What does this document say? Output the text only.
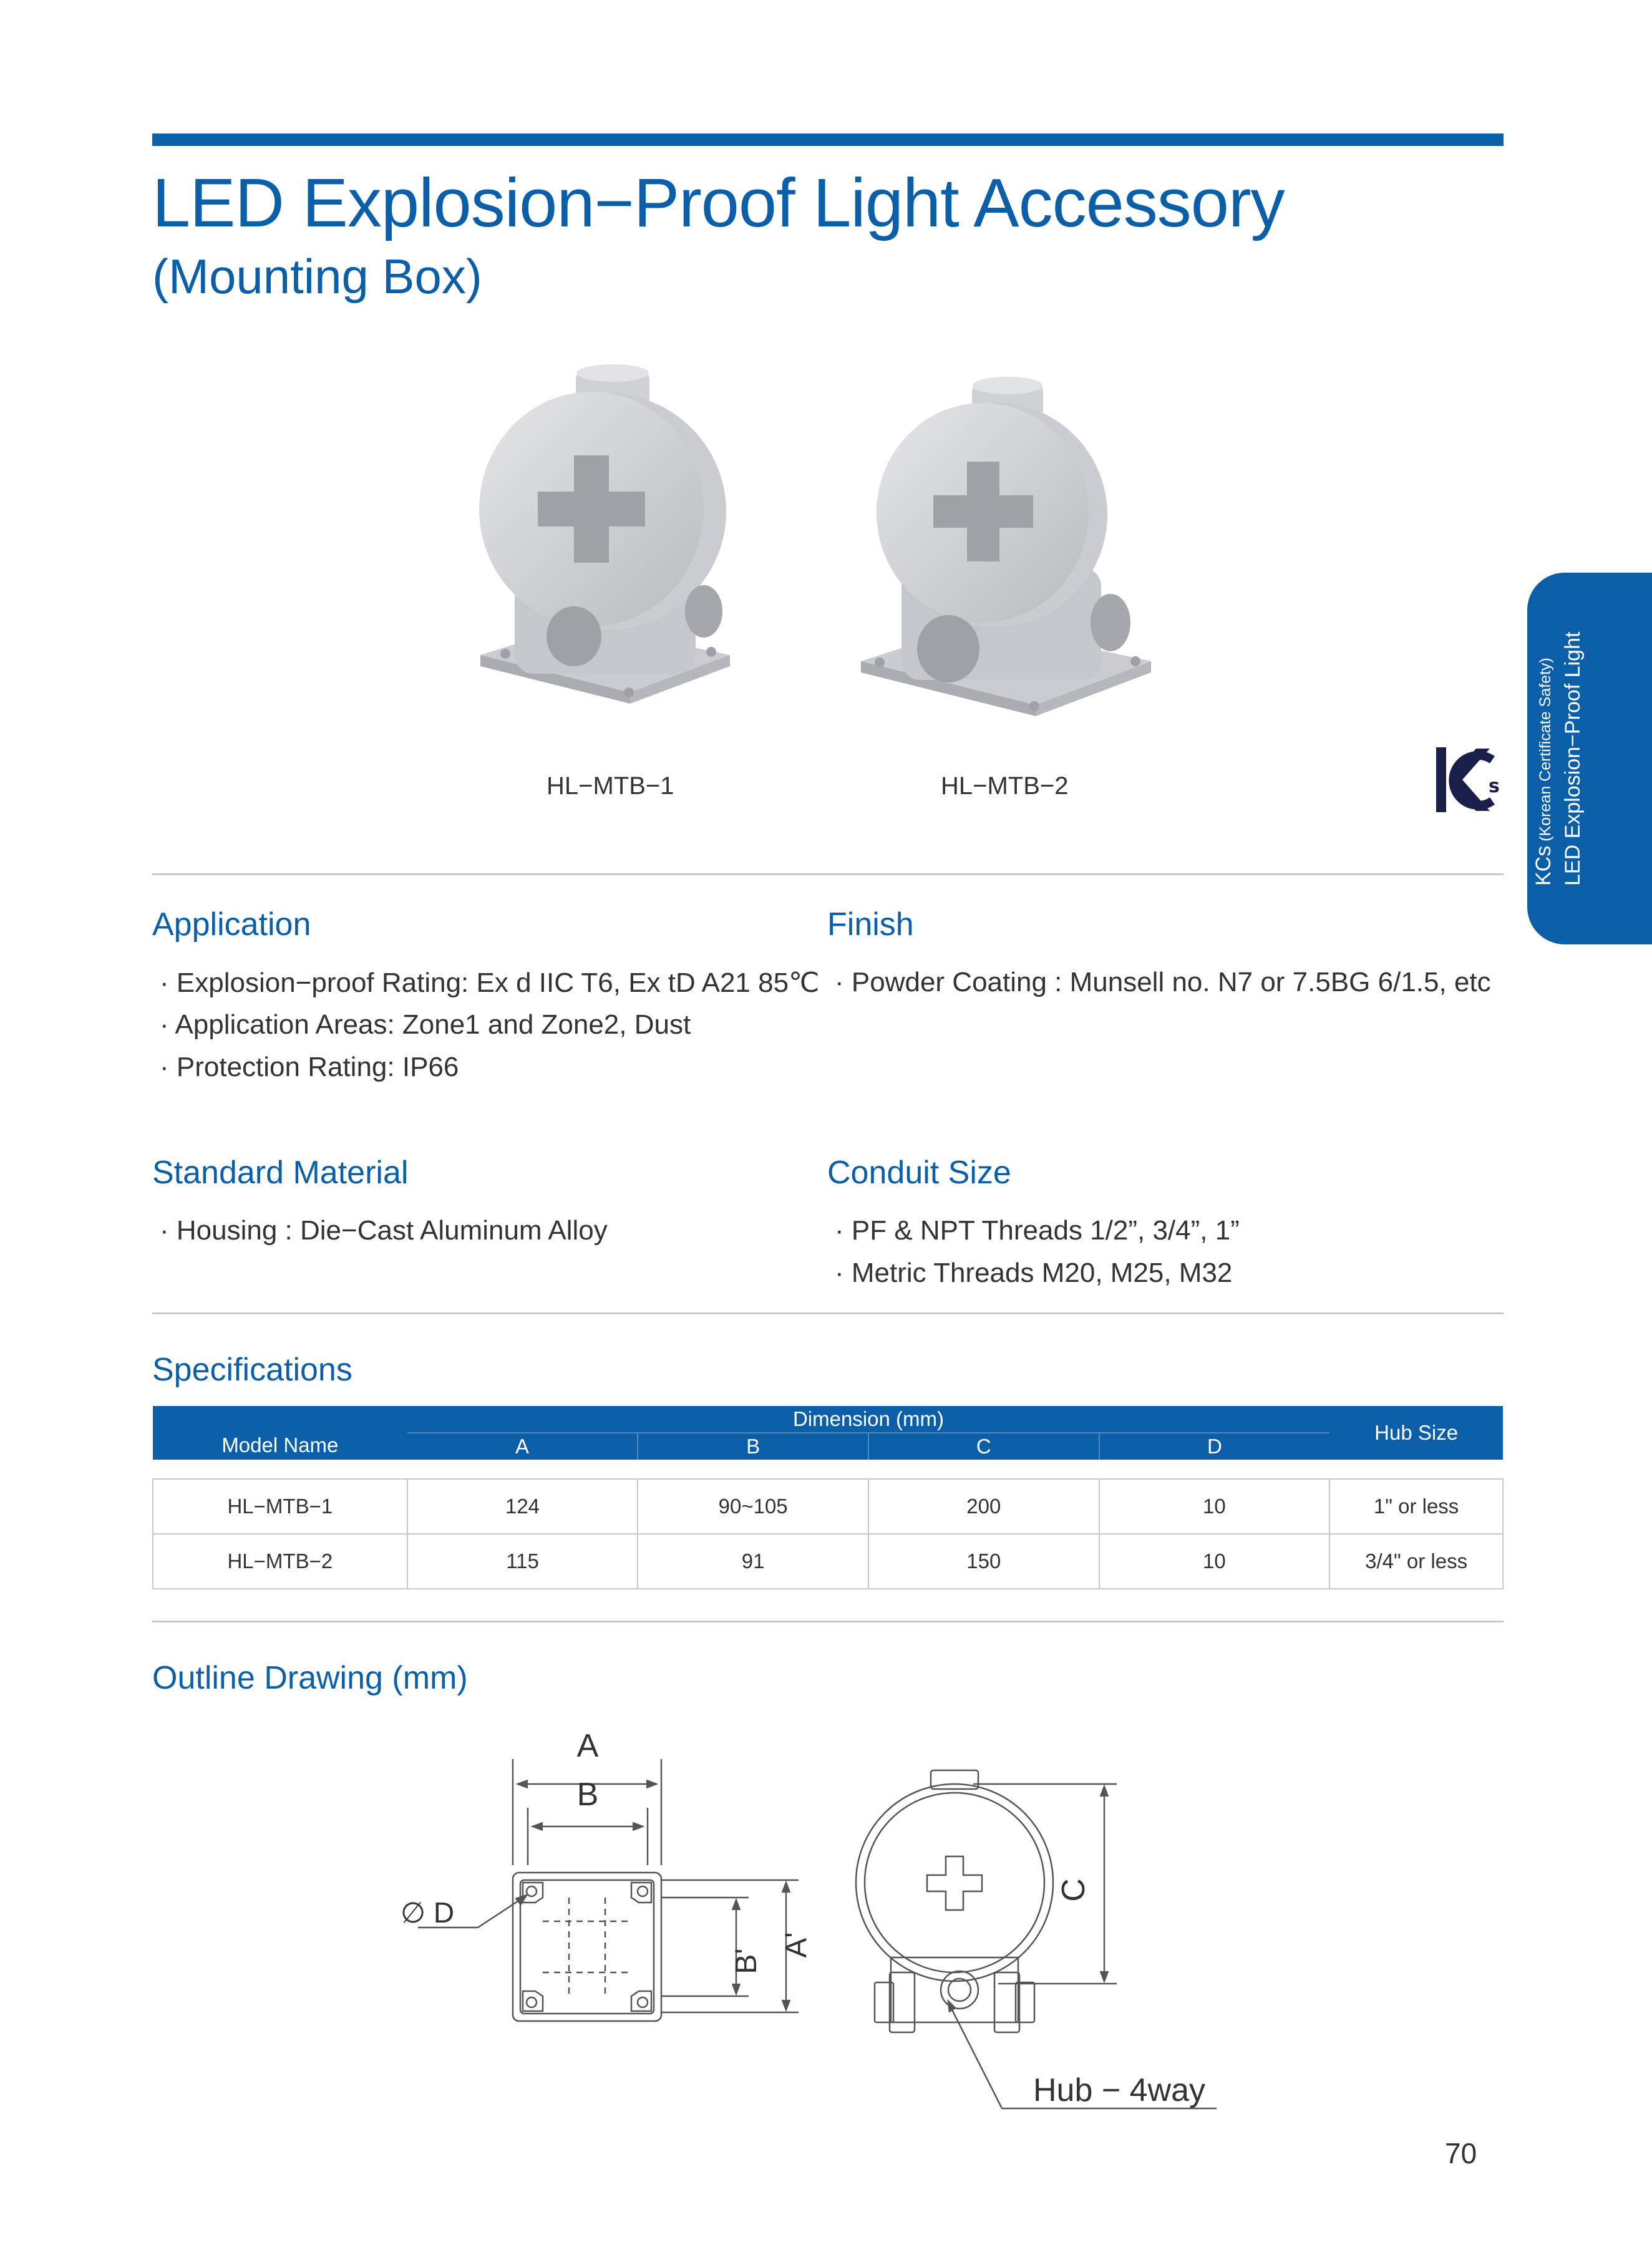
LED Explosion−Proof Light Accessory
(Mounting Box)
HL−MTB−1	HL−MTB−2	s
KCs (Korean Certificate Safety) LED Explosion−Proof Light
Application
· Explosion−proof Rating: Ex d IIC T6, Ex tD A21 85℃
· Application Areas: Zone1 and Zone2, Dust
· Protection Rating: IP66
Finish
· Powder Coating : Munsell no. N7 or 7.5BG 6/1.5, etc
Standard Material
· Housing : Die−Cast Aluminum Alloy
Conduit Size
· PF & NPT Threads 1/2”, 3/4”, 1”
· Metric Threads M20, M25, M32
Specifications
Model Name	Dimension (mm)				Hub Size
	A	B	C	D	

HL−MTB−1	124	90~105	200	10	1" or less
HL−MTB−2	115	91	150	10	3/4" or less
Outline Drawing (mm)
A
B
∅ D
B'
A'
C
Hub − 4way
70
